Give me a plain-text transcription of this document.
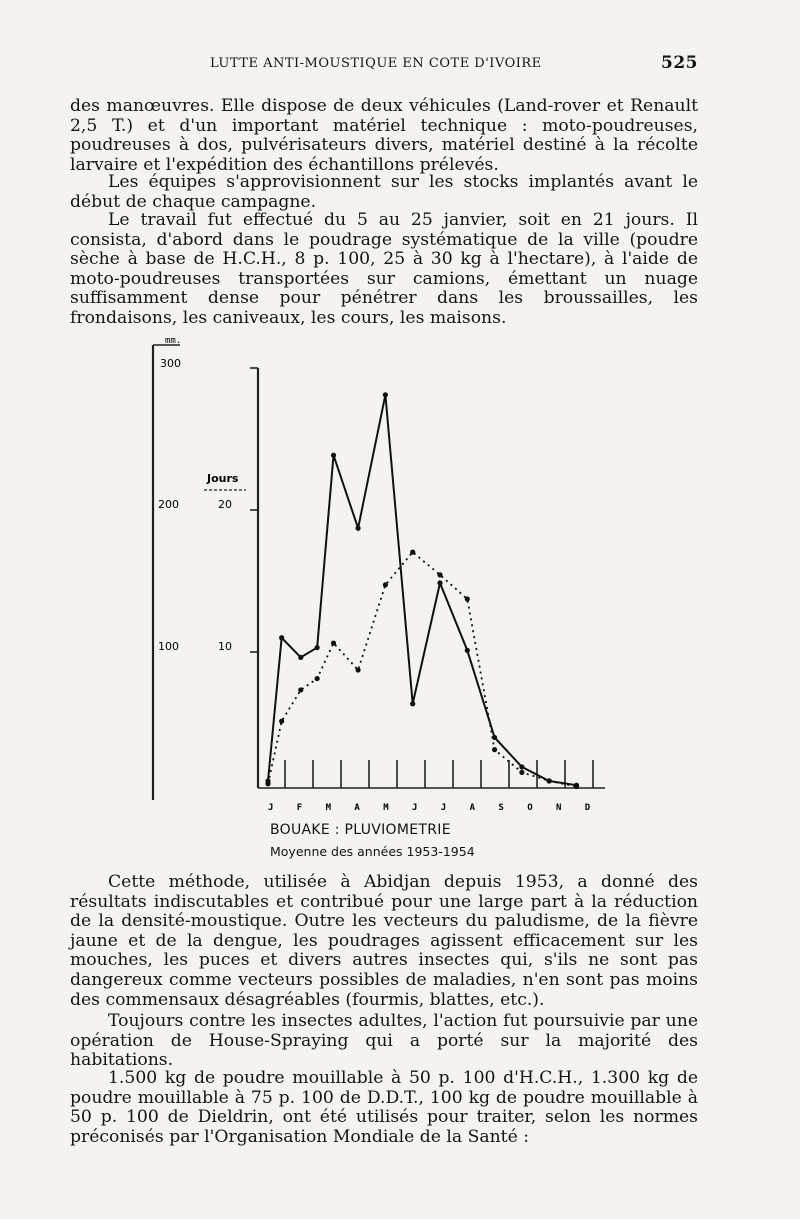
LUTTE ANTI-MOUSTIQUE EN COTE D'IVOIRE	525

des manœuvres. Elle dispose de deux véhicules (Land-rover et Renault 2,5 T.) et d'un important matériel technique : moto-poudreuses, poudreuses à dos, pulvérisateurs divers, matériel destiné à la récolte larvaire et l'expédition des échantillons prélevés.

Les équipes s'approvisionnent sur les stocks implantés avant le début de chaque campagne.

Le travail fut effectué du 5 au 25 janvier, soit en 21 jours. Il consista, d'abord dans le poudrage systématique de la ville (poudre sèche à base de H.C.H., 8 p. 100, 25 à 30 kg à l'hectare), à l'aide de moto-poudreuses transportées sur camions, émettant un nuage suffisamment dense pour pénétrer dans les broussailles, les frondaisons, les caniveaux, les cours, les maisons.

mm.
Jours
300
200
100
20
10
J	F	M	A	M	J	J	A	S	O	N	D
BOUAKE : PLUVIOMETRIE
Moyenne des années 1953-1954

Cette méthode, utilisée à Abidjan depuis 1953, a donné des résultats indiscutables et contribué pour une large part à la réduction de la densité-moustique. Outre les vecteurs du paludisme, de la fièvre jaune et de la dengue, les poudrages agissent efficacement sur les mouches, les puces et divers autres insectes qui, s'ils ne sont pas dangereux comme vecteurs possibles de maladies, n'en sont pas moins des commensaux désagréables (fourmis, blattes, etc.).

Toujours contre les insectes adultes, l'action fut poursuivie par une opération de House-Spraying qui a porté sur la majorité des habitations.

1.500 kg de poudre mouillable à 50 p. 100 d'H.C.H., 1.300 kg de poudre mouillable à 75 p. 100 de D.D.T., 100 kg de poudre mouillable à 50 p. 100 de Dieldrin, ont été utilisés pour traiter, selon les normes préconisés par l'Organisation Mondiale de la Santé :
